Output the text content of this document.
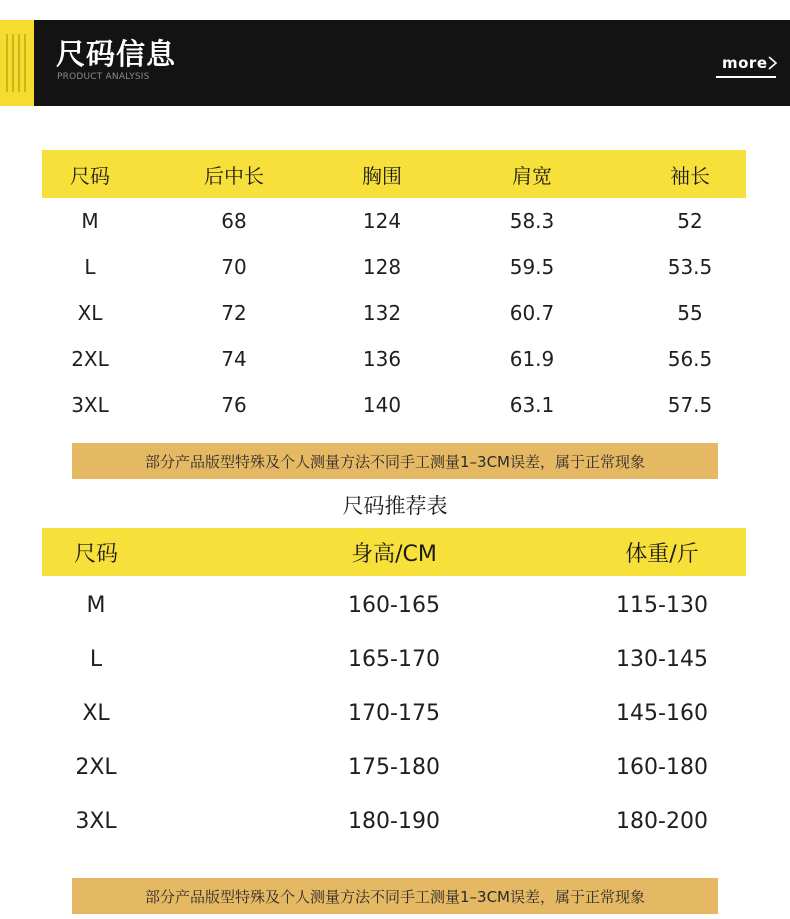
尺码信息
PRODUCT ANALYSIS
more
尺码	后中长	胸围	肩宽	袖长
M	68	124	58.3	52
L	70	128	59.5	53.5
XL	72	132	60.7	55
2XL	74	136	61.9	56.5
3XL	76	140	63.1	57.5
部分产品版型特殊及个人测量方法不同手工测量1–3CM误差，属于正常现象
尺码推荐表
尺码	身高/CM	体重/斤
M	160-165	115-130
L	165-170	130-145
XL	170-175	145-160
2XL	175-180	160-180
3XL	180-190	180-200
部分产品版型特殊及个人测量方法不同手工测量1–3CM误差，属于正常现象
